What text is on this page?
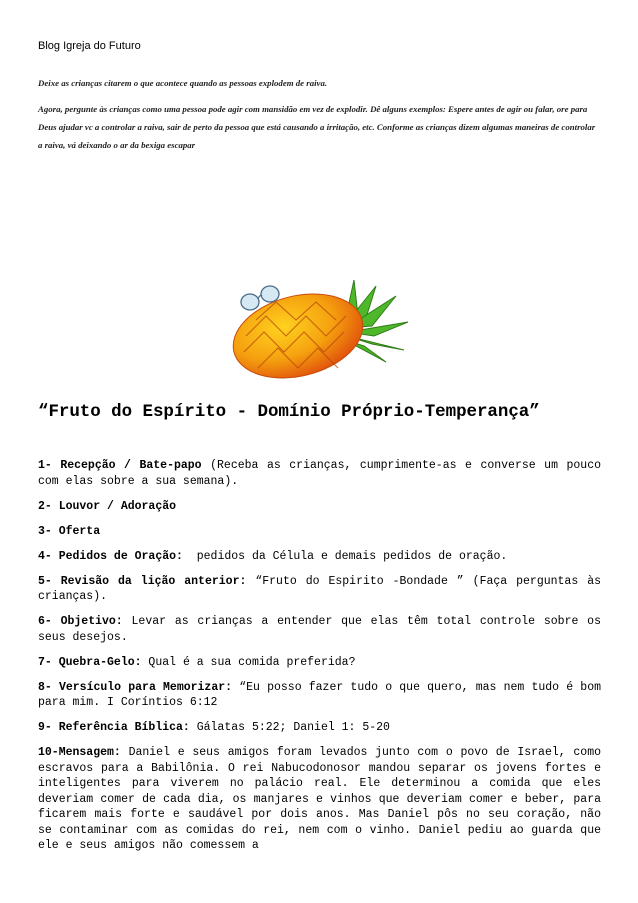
Blog Igreja do Futuro

Deixe as crianças citarem o que acontece quando as pessoas explodem de raiva.

Agora, pergunte às crianças como uma pessoa pode agir com mansidão em vez de explodir. Dê alguns exemplos: Espere antes de agir ou falar, ore para Deus ajudar vc a controlar a raiva, sair de perto da pessoa que está causando a irritação, etc. Conforme as crianças dizem algumas maneiras de controlar a raiva, vá deixando o ar da bexiga escapar

“Fruto do Espírito - Domínio Próprio-Temperança”

1- Recepção / Bate-papo (Receba as crianças, cumprimente-as e converse um pouco com elas sobre a sua semana).

2- Louvor / Adoração

3- Oferta

4- Pedidos de Oração:  pedidos da Célula e demais pedidos de oração.

5- Revisão da lição anterior: “Fruto do Espirito -Bondade ” (Faça perguntas às crianças).

6- Objetivo: Levar as crianças a entender que elas têm total controle sobre os seus desejos.

7- Quebra-Gelo: Qual é a sua comida preferida?

8- Versículo para Memorizar: “Eu posso fazer tudo o que quero, mas nem tudo é bom para mim. I Coríntios 6:12

9- Referência Bíblica: Gálatas 5:22; Daniel 1: 5-20

10-Mensagem: Daniel e seus amigos foram levados junto com o povo de Israel, como escravos para a Babilônia. O rei Nabucodonosor mandou separar os jovens fortes e inteligentes para viverem no palácio real. Ele determinou a comida que eles deveriam comer de cada dia, os manjares e vinhos que deveriam comer e beber, para ficarem mais forte e saudável por dois anos. Mas Daniel pôs no seu coração, não se contaminar com as comidas do rei, nem com o vinho. Daniel pediu ao guarda que ele e seus amigos não comessem a
